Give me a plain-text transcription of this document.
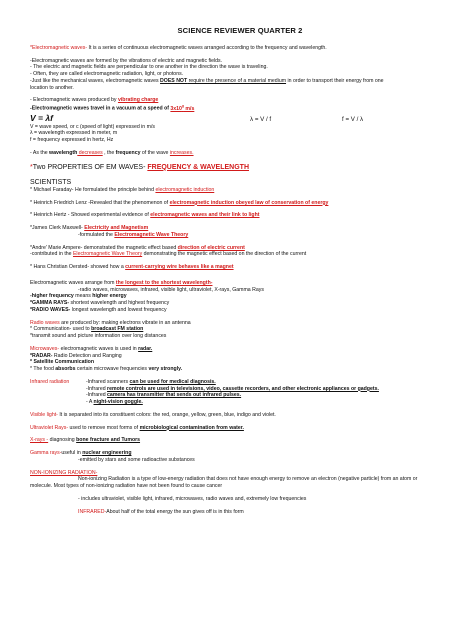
SCIENCE REVIEWER QUARTER 2

*Electromagnetic waves- It is a series of continuous electromagnetic waves arranged according to the frequency and wavelength.

-Electromagnetic waves are formed by the vibrations of electric and magnetic fields.

- The electric and magnetic fields are perpendicular to one another in the direction the wave is traveling.

- Often, they are called electromagnetic radiation, light, or photons.

-Just like the mechanical waves, electromagnetic waves DOES NOT require the presence of a material medium in order to transport their energy from one

location to another.

- Electromagnetic waves produced by vibrating charge

-Electromagnetic waves travel in a vacuum at a speed of $3x10^8$ m/s

V = λf	λ = V / f	f = V / λ

V = wave speed, or c (speed of light) expressed in m/s

λ = wavelength expressed in meter, m

f = frequency expressed in hertz, Hz

- As the wavelength decreases , the frequency of the wave increases.

*Two PROPERTIES OF EM WAVES- FREQUENCY & WAVELENGTH

SCIENTISTS

* Michael Faraday- He formulated the principle behind electromagnetic induction

* Heinrich Friedrich Lenz -Revealed that the phenomenon of electromagnetic induction obeyed law of conservation of energy

* Heinrich Hertz - Showed experimental evidence of electromagnetic waves and their link to light

*James Clerk Maxwell- Electricity and Magnetism

-formulated the Electromagnetic Wave Theory

*Andre' Marie Ampere- demonstrated the magnetic effect based direction of electric current

-contributed in the Electromagnetic Wave Theory demonstrating the magnetic effect based on the direction of the current

* Hans Christian Oersted- showed how a current-carrying wire behaves like a magnet

Electromagnetic waves arrange from the longest to the shortest wavelength-

-radio waves, microwaves, infrared, visible light, ultraviolet, X-rays, Gamma Rays

-higher frequency means higher energy

*GAMMA RAYS- shortest wavelength and highest frequency

*RADIO WAVES- longest wavelength and lowest frequency

Radio waves are produced by: making electrons vibrate in an antenna

* Communication- used to broadcast FM station

*transmit sound and picture information over long distances

Microwaves- electromagnetic waves is used in radar.

*RADAR- Radio Detection and Ranging

* Satellite Communication

* The food absorbs certain microwave frequencies very strongly.

Infrared radiation	-Infrared scanners can be used for medical diagnosis.

-Infrared remote controls are used in televisions, video, cassette recorders, and other electronic appliances or gadgets.

-Infrared camera has transmitter that sends out infrared pulses.

- A night-vision goggle.

Visible light- It is separated into its constituent colors: the red, orange, yellow, green, blue, indigo and violet.

Ultraviolet Rays- used to remove most forms of microbiological contamination from water.

X-rays - diagnosing bone fracture and Tumors

Gamma rays-useful in nuclear engineering

-emitted by stars and some radioactive substances

NON-IONIZING RADIATION-

Non-ionizing Radiation is a type of low-energy radiation that does not have enough energy to remove an electron (negative particle) from an atom or

molecule. Most types of non-ionizing radiation have not been found to cause cancer

- includes ultraviolet, visible light, infrared, microwaves, radio waves and, extremely low frequencies

INFRARED-About half of the total energy the sun gives off is in this form
